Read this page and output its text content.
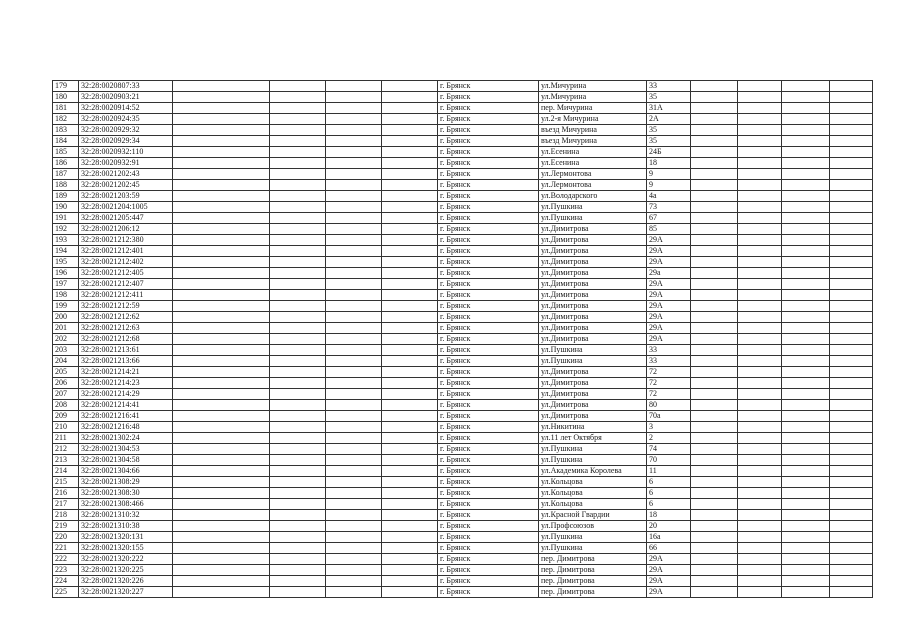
179	32:28:0020807:33					г. Брянск	ул.Мичурина	33				
180	32:28:0020903:21					г. Брянск	ул.Мичурина	35				
181	32:28:0020914:52					г. Брянск	пер. Мичурина	31А				
182	32:28:0020924:35					г. Брянск	ул.2-я Мичурина	2А				
183	32:28:0020929:32					г. Брянск	въезд Мичурина	35				
184	32:28:0020929:34					г. Брянск	въезд Мичурина	35				
185	32:28:0020932:110					г. Брянск	ул.Есенина	24Б				
186	32:28:0020932:91					г. Брянск	ул.Есенина	18				
187	32:28:0021202:43					г. Брянск	ул.Лермонтова	9				
188	32:28:0021202:45					г. Брянск	ул.Лермонтова	9				
189	32:28:0021203:59					г. Брянск	ул.Володарского	4а				
190	32:28:0021204:1005					г. Брянск	ул.Пушкина	73				
191	32:28:0021205:447					г. Брянск	ул.Пушкина	67				
192	32:28:0021206:12					г. Брянск	ул.Димитрова	85				
193	32:28:0021212:380					г. Брянск	ул.Димитрова	29А				
194	32:28:0021212:401					г. Брянск	ул.Димитрова	29А				
195	32:28:0021212:402					г. Брянск	ул.Димитрова	29А				
196	32:28:0021212:405					г. Брянск	ул.Димитрова	29а				
197	32:28:0021212:407					г. Брянск	ул.Димитрова	29А				
198	32:28:0021212:411					г. Брянск	ул.Димитрова	29А				
199	32:28:0021212:59					г. Брянск	ул.Димитрова	29А				
200	32:28:0021212:62					г. Брянск	ул.Димитрова	29А				
201	32:28:0021212:63					г. Брянск	ул.Димитрова	29А				
202	32:28:0021212:68					г. Брянск	ул.Димитрова	29А				
203	32:28:0021213:61					г. Брянск	ул.Пушкина	33				
204	32:28:0021213:66					г. Брянск	ул.Пушкина	33				
205	32:28:0021214:21					г. Брянск	ул.Димитрова	72				
206	32:28:0021214:23					г. Брянск	ул.Димитрова	72				
207	32:28:0021214:29					г. Брянск	ул.Димитрова	72				
208	32:28:0021214:41					г. Брянск	ул.Димитрова	80				
209	32:28:0021216:41					г. Брянск	ул.Димитрова	70а				
210	32:28:0021216:48					г. Брянск	ул.Никитина	3				
211	32:28:0021302:24					г. Брянск	ул.11 лет Октября	2				
212	32:28:0021304:53					г. Брянск	ул.Пушкина	74				
213	32:28:0021304:58					г. Брянск	ул.Пушкина	70				
214	32:28:0021304:66					г. Брянск	ул.Академика Королева	11				
215	32:28:0021308:29					г. Брянск	ул.Кольцова	6				
216	32:28:0021308:30					г. Брянск	ул.Кольцова	6				
217	32:28:0021308:466					г. Брянск	ул.Кольцова	6				
218	32:28:0021310:32					г. Брянск	ул.Красной Гвардии	18				
219	32:28:0021310:38					г. Брянск	ул.Профсоюзов	20				
220	32:28:0021320:131					г. Брянск	ул.Пушкина	16а				
221	32:28:0021320:155					г. Брянск	ул.Пушкина	66				
222	32:28:0021320:222					г. Брянск	пер. Димитрова	29А				
223	32:28:0021320:225					г. Брянск	пер. Димитрова	29А				
224	32:28:0021320:226					г. Брянск	пер. Димитрова	29А				
225	32:28:0021320:227					г. Брянск	пер. Димитрова	29А				
